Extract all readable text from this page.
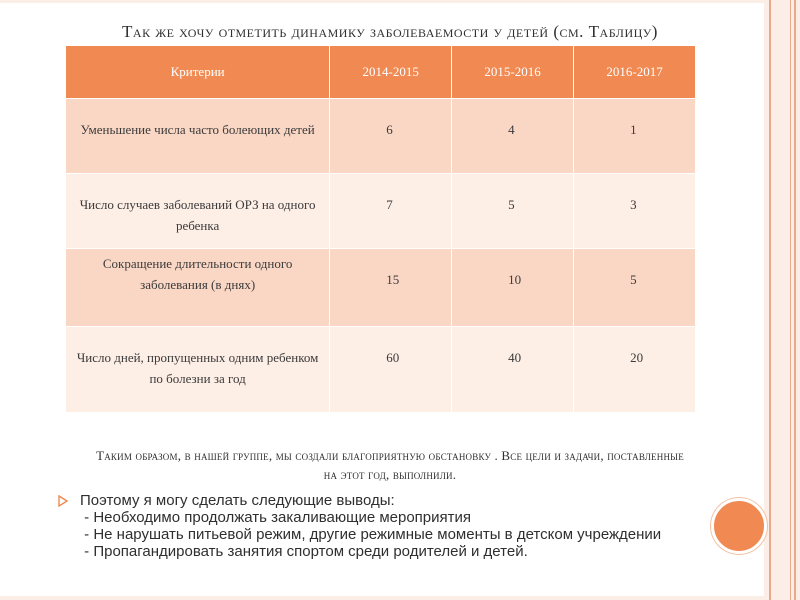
Так же хочу отметить динамику заболеваемости у детей (см. Таблицу)
Критерии	2014-2015	2015-2016	2016-2017
Уменьшение числа часто болеющих детей	6	4	1
Число случаев заболеваний ОРЗ на одного ребенка	7	5	3
Сокращение длительности одного заболевания (в днях)	15	10	5
Число дней, пропущенных одним ребенком по болезни за год	60	40	20
Таким образом, в нашей группе, мы создали благоприятную обстановку . Все цели и задачи, поставленные
на этот год, выполнили.
Поэтому я могу сделать следующие выводы:
- Необходимо продолжать закаливающие мероприятия
- Не нарушать питьевой режим, другие режимные моменты в детском учреждении
- Пропагандировать занятия спортом среди родителей и детей.
